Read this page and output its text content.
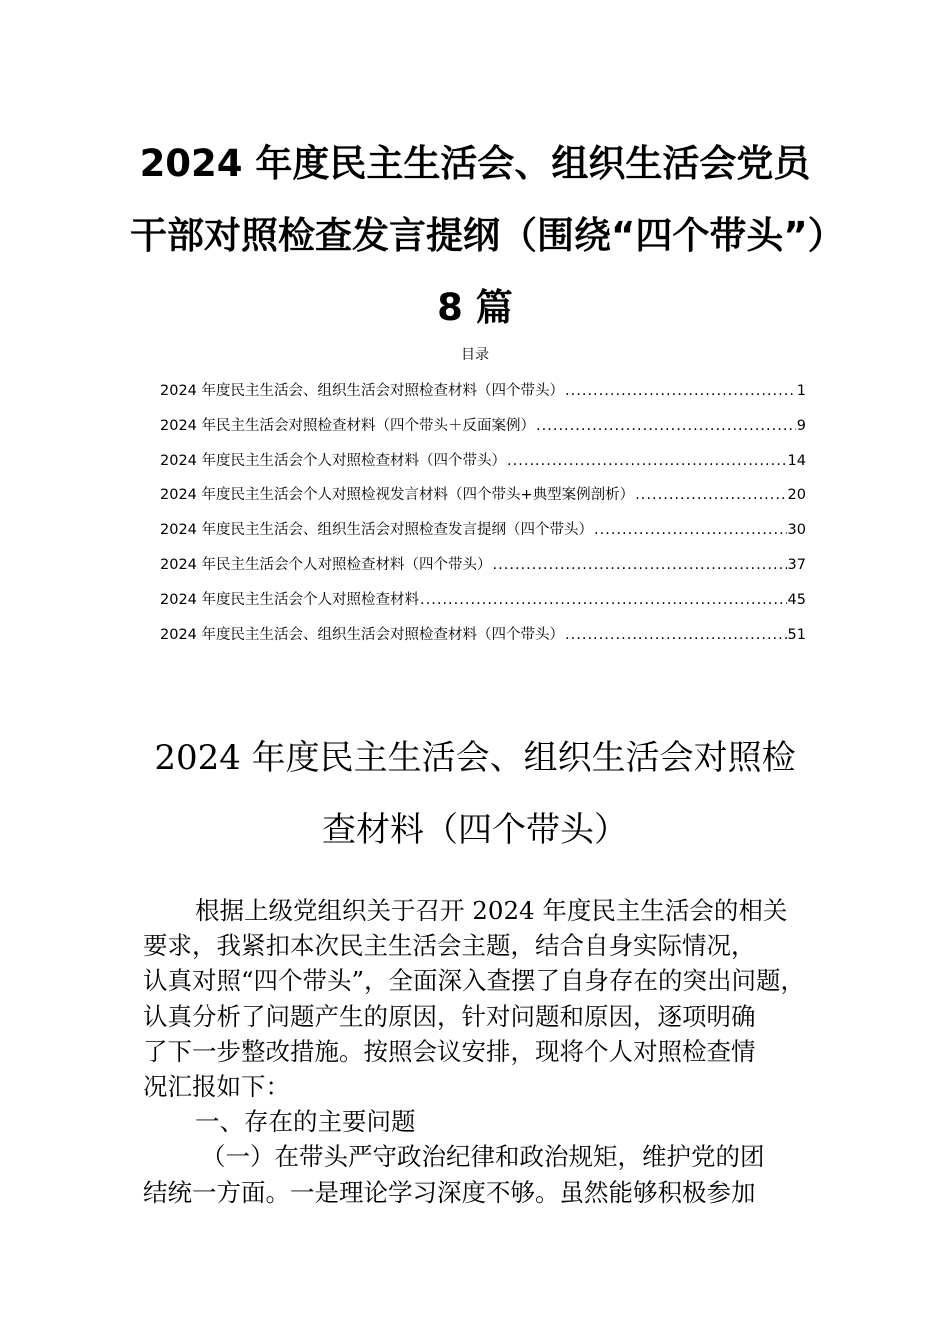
2024 年度民主生活会、组织生活会党员
干部对照检查发言提纲（围绕“四个带头”）
8 篇
目录
2024 年度民主生活会、组织生活会对照检查材料（四个带头） .....	1
2024 年民主生活会对照检查材料（四个带头＋反面案例） .....	9
2024 年度民主生活会个人对照检查材料（四个带头） .....	14
2024 年度民主生活会个人对照检视发言材料（四个带头+典型案例剖析） .....	20
2024 年度民主生活会、组织生活会对照检查发言提纲（四个带头） .....	30
2024 年民主生活会个人对照检查材料（四个带头） .....	37
2024 年度民主生活会个人对照检查材料 .....	45
2024 年度民主生活会、组织生活会对照检查材料（四个带头） .....	51
2024 年度民主生活会、组织生活会对照检
查材料（四个带头）
根据上级党组织关于召开 2024 年度民主生活会的相关
要求，我紧扣本次民主生活会主题，结合自身实际情况，
认真对照“四个带头”，全面深入查摆了自身存在的突出问题，
认真分析了问题产生的原因，针对问题和原因，逐项明确
了下一步整改措施。按照会议安排，现将个人对照检查情
况汇报如下：
一、存在的主要问题
（一）在带头严守政治纪律和政治规矩，维护党的团
结统一方面。一是理论学习深度不够。虽然能够积极参加
